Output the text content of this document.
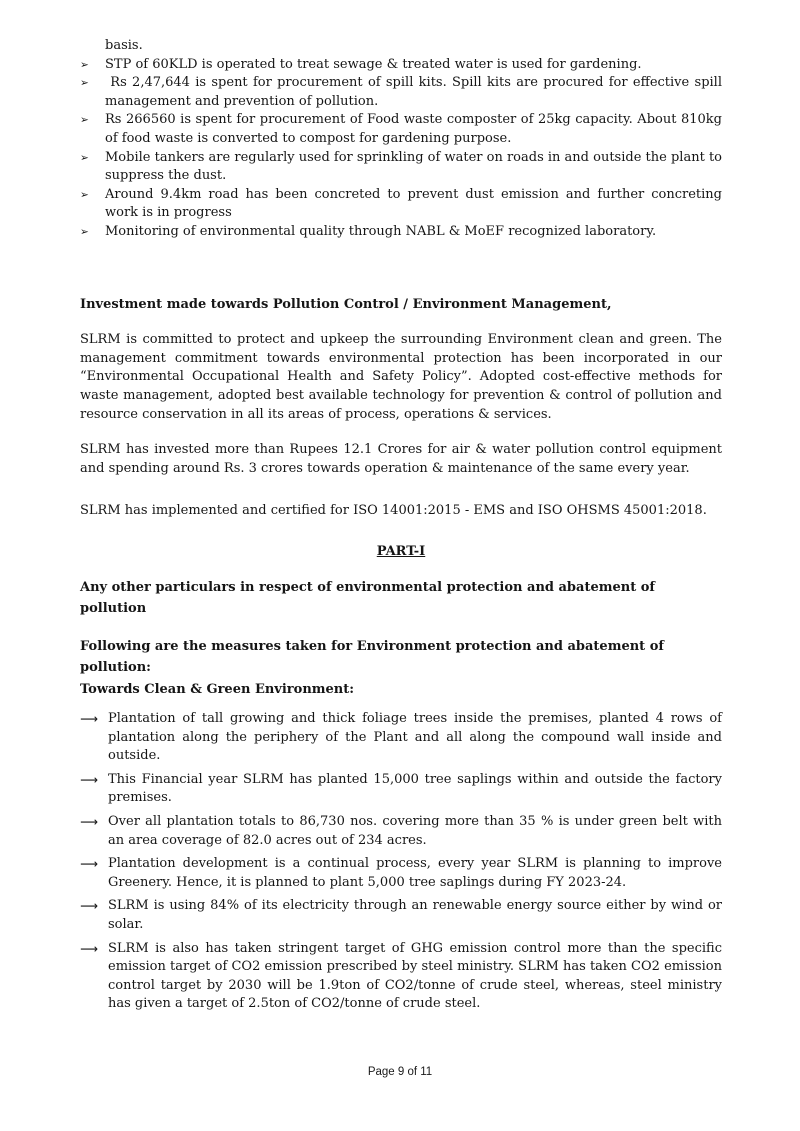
basis.
➢	STP of 60KLD is operated to treat sewage & treated water is used for gardening.
➢	Rs 2,47,644 is spent for procurement of spill kits. Spill kits are procured for effective spill management and prevention of pollution.
➢	Rs 266560 is spent for procurement of Food waste composter of 25kg capacity. About 810kg of food waste is converted to compost for gardening purpose.
➢	Mobile tankers are regularly used for sprinkling of water on roads in and outside the plant to suppress the dust.
➢	Around 9.4km road has been concreted to prevent dust emission and further concreting work is in progress
➢	Monitoring of environmental quality through NABL & MoEF recognized laboratory.
Investment made towards Pollution Control / Environment Management,

SLRM is committed to protect and upkeep the surrounding Environment clean and green. The management commitment towards environmental protection has been incorporated in our “Environmental Occupational Health and Safety Policy”. Adopted cost-effective methods for waste management, adopted best available technology for prevention & control of pollution and resource conservation in all its areas of process, operations & services.

SLRM has invested more than Rupees 12.1 Crores for air & water pollution control equipment and spending around Rs. 3 crores towards operation & maintenance of the same every year.

SLRM has implemented and certified for ISO 14001:2015 - EMS and ISO OHSMS 45001:2018.

PART-I
Any other particulars in respect of environmental protection and abatement of pollution
Following are the measures taken for Environment protection and abatement of pollution:
Towards Clean & Green Environment:
⟶ Plantation of tall growing and thick foliage trees inside the premises, planted 4 rows of plantation along the periphery of the Plant and all along the compound wall inside and outside.
⟶ This Financial year SLRM has planted 15,000 tree saplings within and outside the factory premises.
⟶ Over all plantation totals to 86,730 nos. covering more than 35 % is under green belt with an area coverage of 82.0 acres out of 234 acres.
⟶ Plantation development is a continual process, every year SLRM is planning to improve Greenery. Hence, it is planned to plant 5,000 tree saplings during FY 2023-24.
⟶ SLRM is using 84% of its electricity through an renewable energy source either by wind or solar.
⟶ SLRM is also has taken stringent target of GHG emission control more than the specific emission target of CO2 emission prescribed by steel ministry. SLRM has taken CO2 emission control target by 2030 will be 1.9ton of CO2/tonne of crude steel, whereas, steel ministry has given a target of 2.5ton of CO2/tonne of crude steel.
Page 9 of 11
